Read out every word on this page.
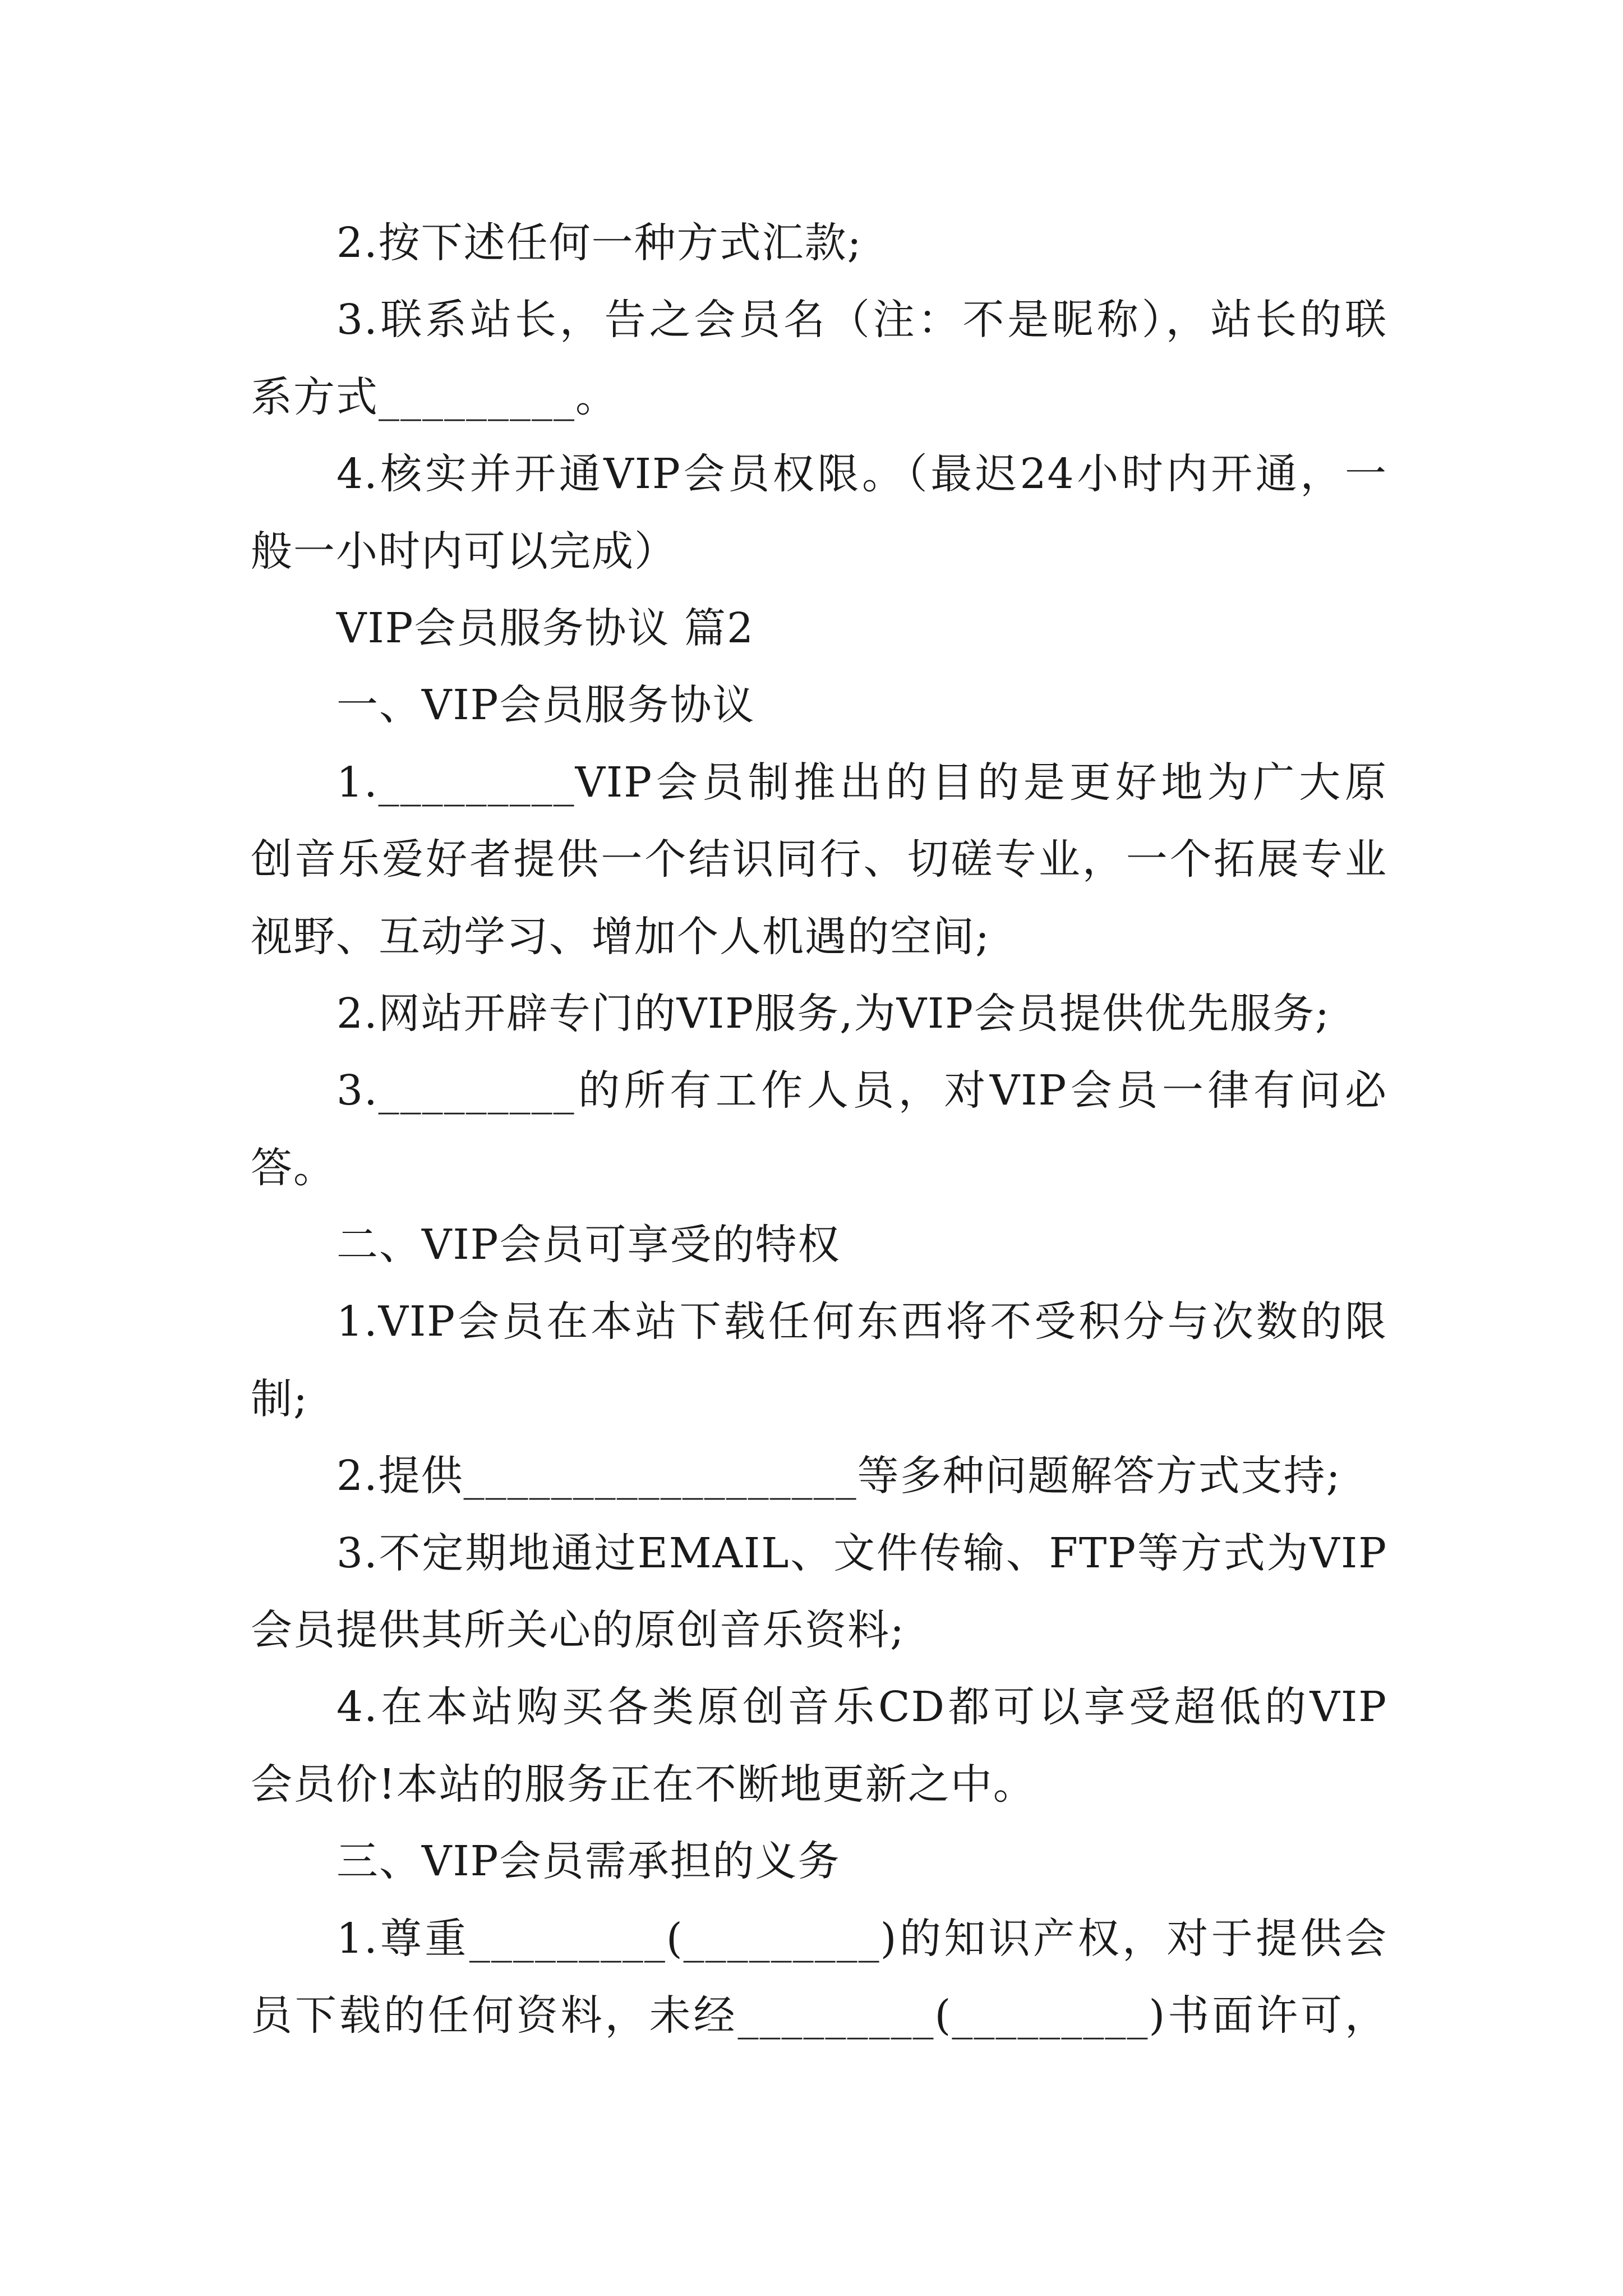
2.按下述任何一种方式汇款;
3.联系站长，告之会员名（注：不是昵称），站长的联
系方式_________。
4.核实并开通VIP会员权限。（最迟24小时内开通，一
般一小时内可以完成）
VIP会员服务协议 篇2
一、VIP会员服务协议
1._________VIP会员制推出的目的是更好地为广大原
创音乐爱好者提供一个结识同行、切磋专业，一个拓展专业
视野、互动学习、增加个人机遇的空间;
2.网站开辟专门的VIP服务,为VIP会员提供优先服务;
3._________的所有工作人员，对VIP会员一律有问必
答。
二、VIP会员可享受的特权
1.VIP会员在本站下载任何东西将不受积分与次数的限
制;
2.提供__________________等多种问题解答方式支持;
3.不定期地通过EMAIL、文件传输、FTP等方式为VIP
会员提供其所关心的原创音乐资料;
4.在本站购买各类原创音乐CD都可以享受超低的VIP
会员价!本站的服务正在不断地更新之中。
三、VIP会员需承担的义务
1.尊重_________(_________)的知识产权，对于提供会
员下载的任何资料，未经_________(_________)书面许可，
